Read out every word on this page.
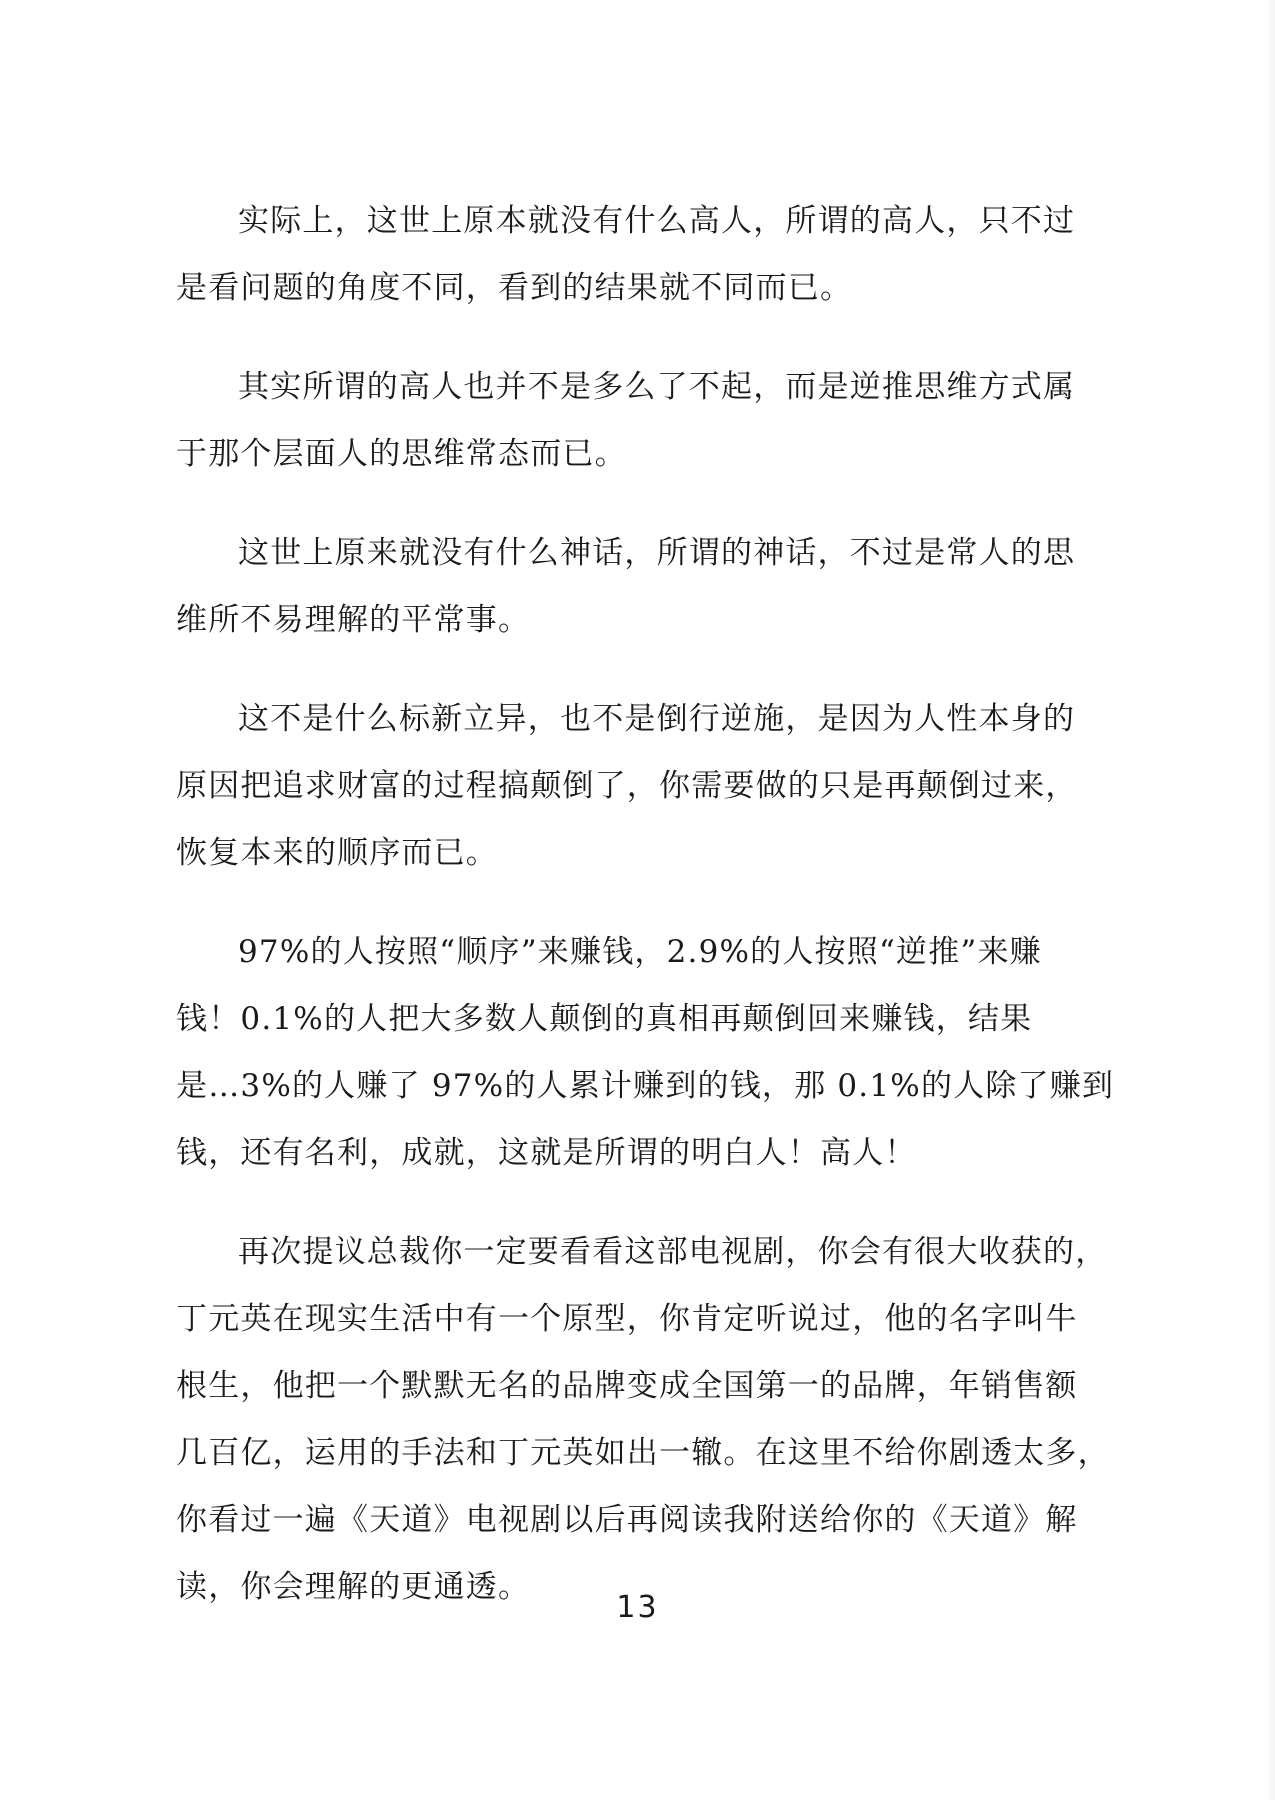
实际上，这世上原本就没有什么高人，所谓的高人，只不过
是看问题的角度不同，看到的结果就不同而已。
其实所谓的高人也并不是多么了不起，而是逆推思维方式属
于那个层面人的思维常态而已。
这世上原来就没有什么神话，所谓的神话，不过是常人的思
维所不易理解的平常事。
这不是什么标新立异，也不是倒行逆施，是因为人性本身的
原因把追求财富的过程搞颠倒了，你需要做的只是再颠倒过来，
恢复本来的顺序而已。
97%的人按照“顺序”来赚钱，2.9%的人按照“逆推”来赚
钱！0.1%的人把大多数人颠倒的真相再颠倒回来赚钱，结果
是…3%的人赚了 97%的人累计赚到的钱，那 0.1%的人除了赚到
钱，还有名利，成就，这就是所谓的明白人！高人！
再次提议总裁你一定要看看这部电视剧，你会有很大收获的，
丁元英在现实生活中有一个原型，你肯定听说过，他的名字叫牛
根生，他把一个默默无名的品牌变成全国第一的品牌，年销售额
几百亿，运用的手法和丁元英如出一辙。在这里不给你剧透太多，
你看过一遍《天道》电视剧以后再阅读我附送给你的《天道》解
读，你会理解的更通透。
13
